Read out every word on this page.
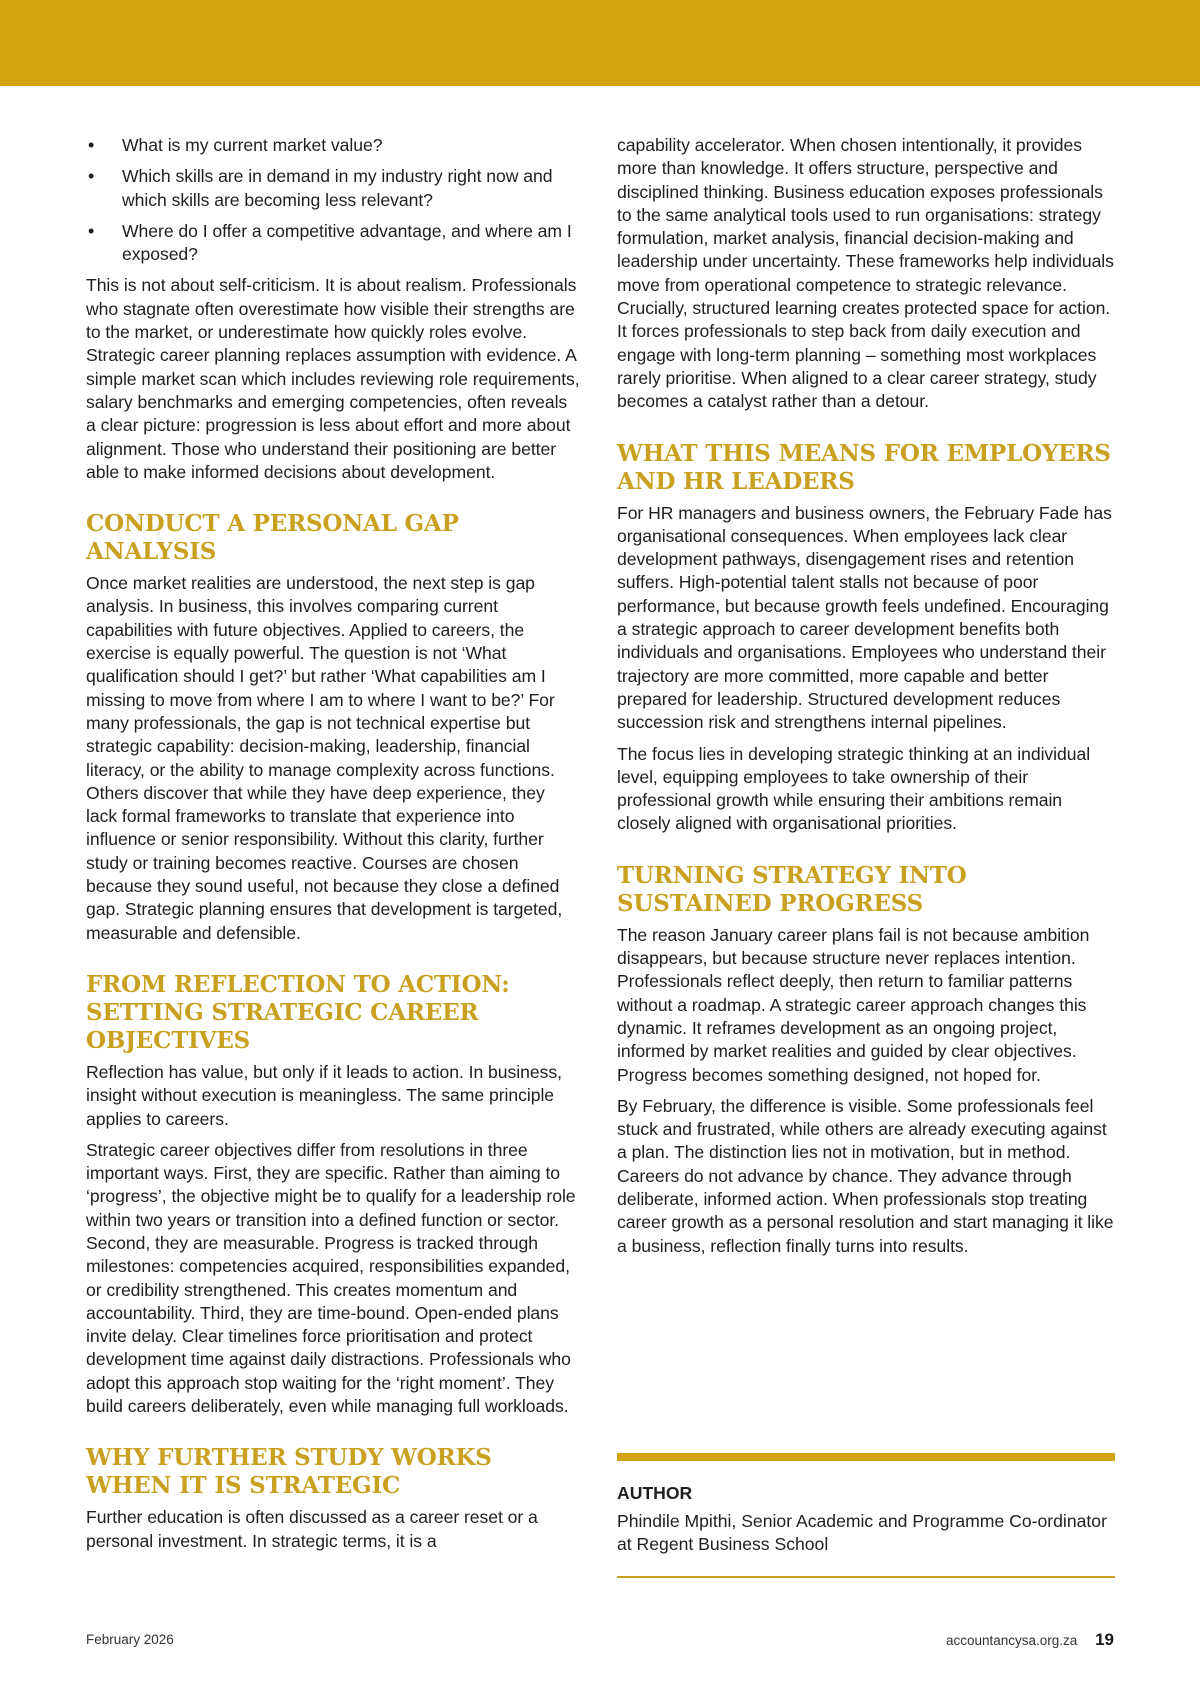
• What is my current market value?
• Which skills are in demand in my industry right now and which skills are becoming less relevant?
• Where do I offer a competitive advantage, and where am I exposed?

This is not about self-criticism. It is about realism. Professionals who stagnate often overestimate how visible their strengths are to the market, or underestimate how quickly roles evolve. Strategic career planning replaces assumption with evidence. A simple market scan which includes reviewing role requirements, salary benchmarks and emerging competencies, often reveals a clear picture: progression is less about effort and more about alignment. Those who understand their positioning are better able to make informed decisions about development.

CONDUCT A PERSONAL GAP ANALYSIS

Once market realities are understood, the next step is gap analysis. In business, this involves comparing current capabilities with future objectives. Applied to careers, the exercise is equally powerful. The question is not ‘What qualification should I get?’ but rather ‘What capabilities am I missing to move from where I am to where I want to be?’ For many professionals, the gap is not technical expertise but strategic capability: decision-making, leadership, financial literacy, or the ability to manage complexity across functions. Others discover that while they have deep experience, they lack formal frameworks to translate that experience into influence or senior responsibility. Without this clarity, further study or training becomes reactive. Courses are chosen because they sound useful, not because they close a defined gap. Strategic planning ensures that development is targeted, measurable and defensible.

FROM REFLECTION TO ACTION: SETTING STRATEGIC CAREER OBJECTIVES

Reflection has value, but only if it leads to action. In business, insight without execution is meaningless. The same principle applies to careers.

Strategic career objectives differ from resolutions in three important ways. First, they are specific. Rather than aiming to ‘progress’, the objective might be to qualify for a leadership role within two years or transition into a defined function or sector. Second, they are measurable. Progress is tracked through milestones: competencies acquired, responsibilities expanded, or credibility strengthened. This creates momentum and accountability. Third, they are time-bound. Open-ended plans invite delay. Clear timelines force prioritisation and protect development time against daily distractions. Professionals who adopt this approach stop waiting for the ‘right moment’. They build careers deliberately, even while managing full workloads.

WHY FURTHER STUDY WORKS WHEN IT IS STRATEGIC

Further education is often discussed as a career reset or a personal investment. In strategic terms, it is a

capability accelerator. When chosen intentionally, it provides more than knowledge. It offers structure, perspective and disciplined thinking. Business education exposes professionals to the same analytical tools used to run organisations: strategy formulation, market analysis, financial decision-making and leadership under uncertainty. These frameworks help individuals move from operational competence to strategic relevance. Crucially, structured learning creates protected space for action. It forces professionals to step back from daily execution and engage with long-term planning – something most workplaces rarely prioritise. When aligned to a clear career strategy, study becomes a catalyst rather than a detour.

WHAT THIS MEANS FOR EMPLOYERS AND HR LEADERS

For HR managers and business owners, the February Fade has organisational consequences. When employees lack clear development pathways, disengagement rises and retention suffers. High-potential talent stalls not because of poor performance, but because growth feels undefined. Encouraging a strategic approach to career development benefits both individuals and organisations. Employees who understand their trajectory are more committed, more capable and better prepared for leadership. Structured development reduces succession risk and strengthens internal pipelines.

The focus lies in developing strategic thinking at an individual level, equipping employees to take ownership of their professional growth while ensuring their ambitions remain closely aligned with organisational priorities.

TURNING STRATEGY INTO SUSTAINED PROGRESS

The reason January career plans fail is not because ambition disappears, but because structure never replaces intention. Professionals reflect deeply, then return to familiar patterns without a roadmap. A strategic career approach changes this dynamic. It reframes development as an ongoing project, informed by market realities and guided by clear objectives. Progress becomes something designed, not hoped for.

By February, the difference is visible. Some professionals feel stuck and frustrated, while others are already executing against a plan. The distinction lies not in motivation, but in method. Careers do not advance by chance. They advance through deliberate, informed action. When professionals stop treating career growth as a personal resolution and start managing it like a business, reflection finally turns into results.

AUTHOR

Phindile Mpithi, Senior Academic and Programme Co-ordinator at Regent Business School

February 2026	accountancysa.org.za 19
